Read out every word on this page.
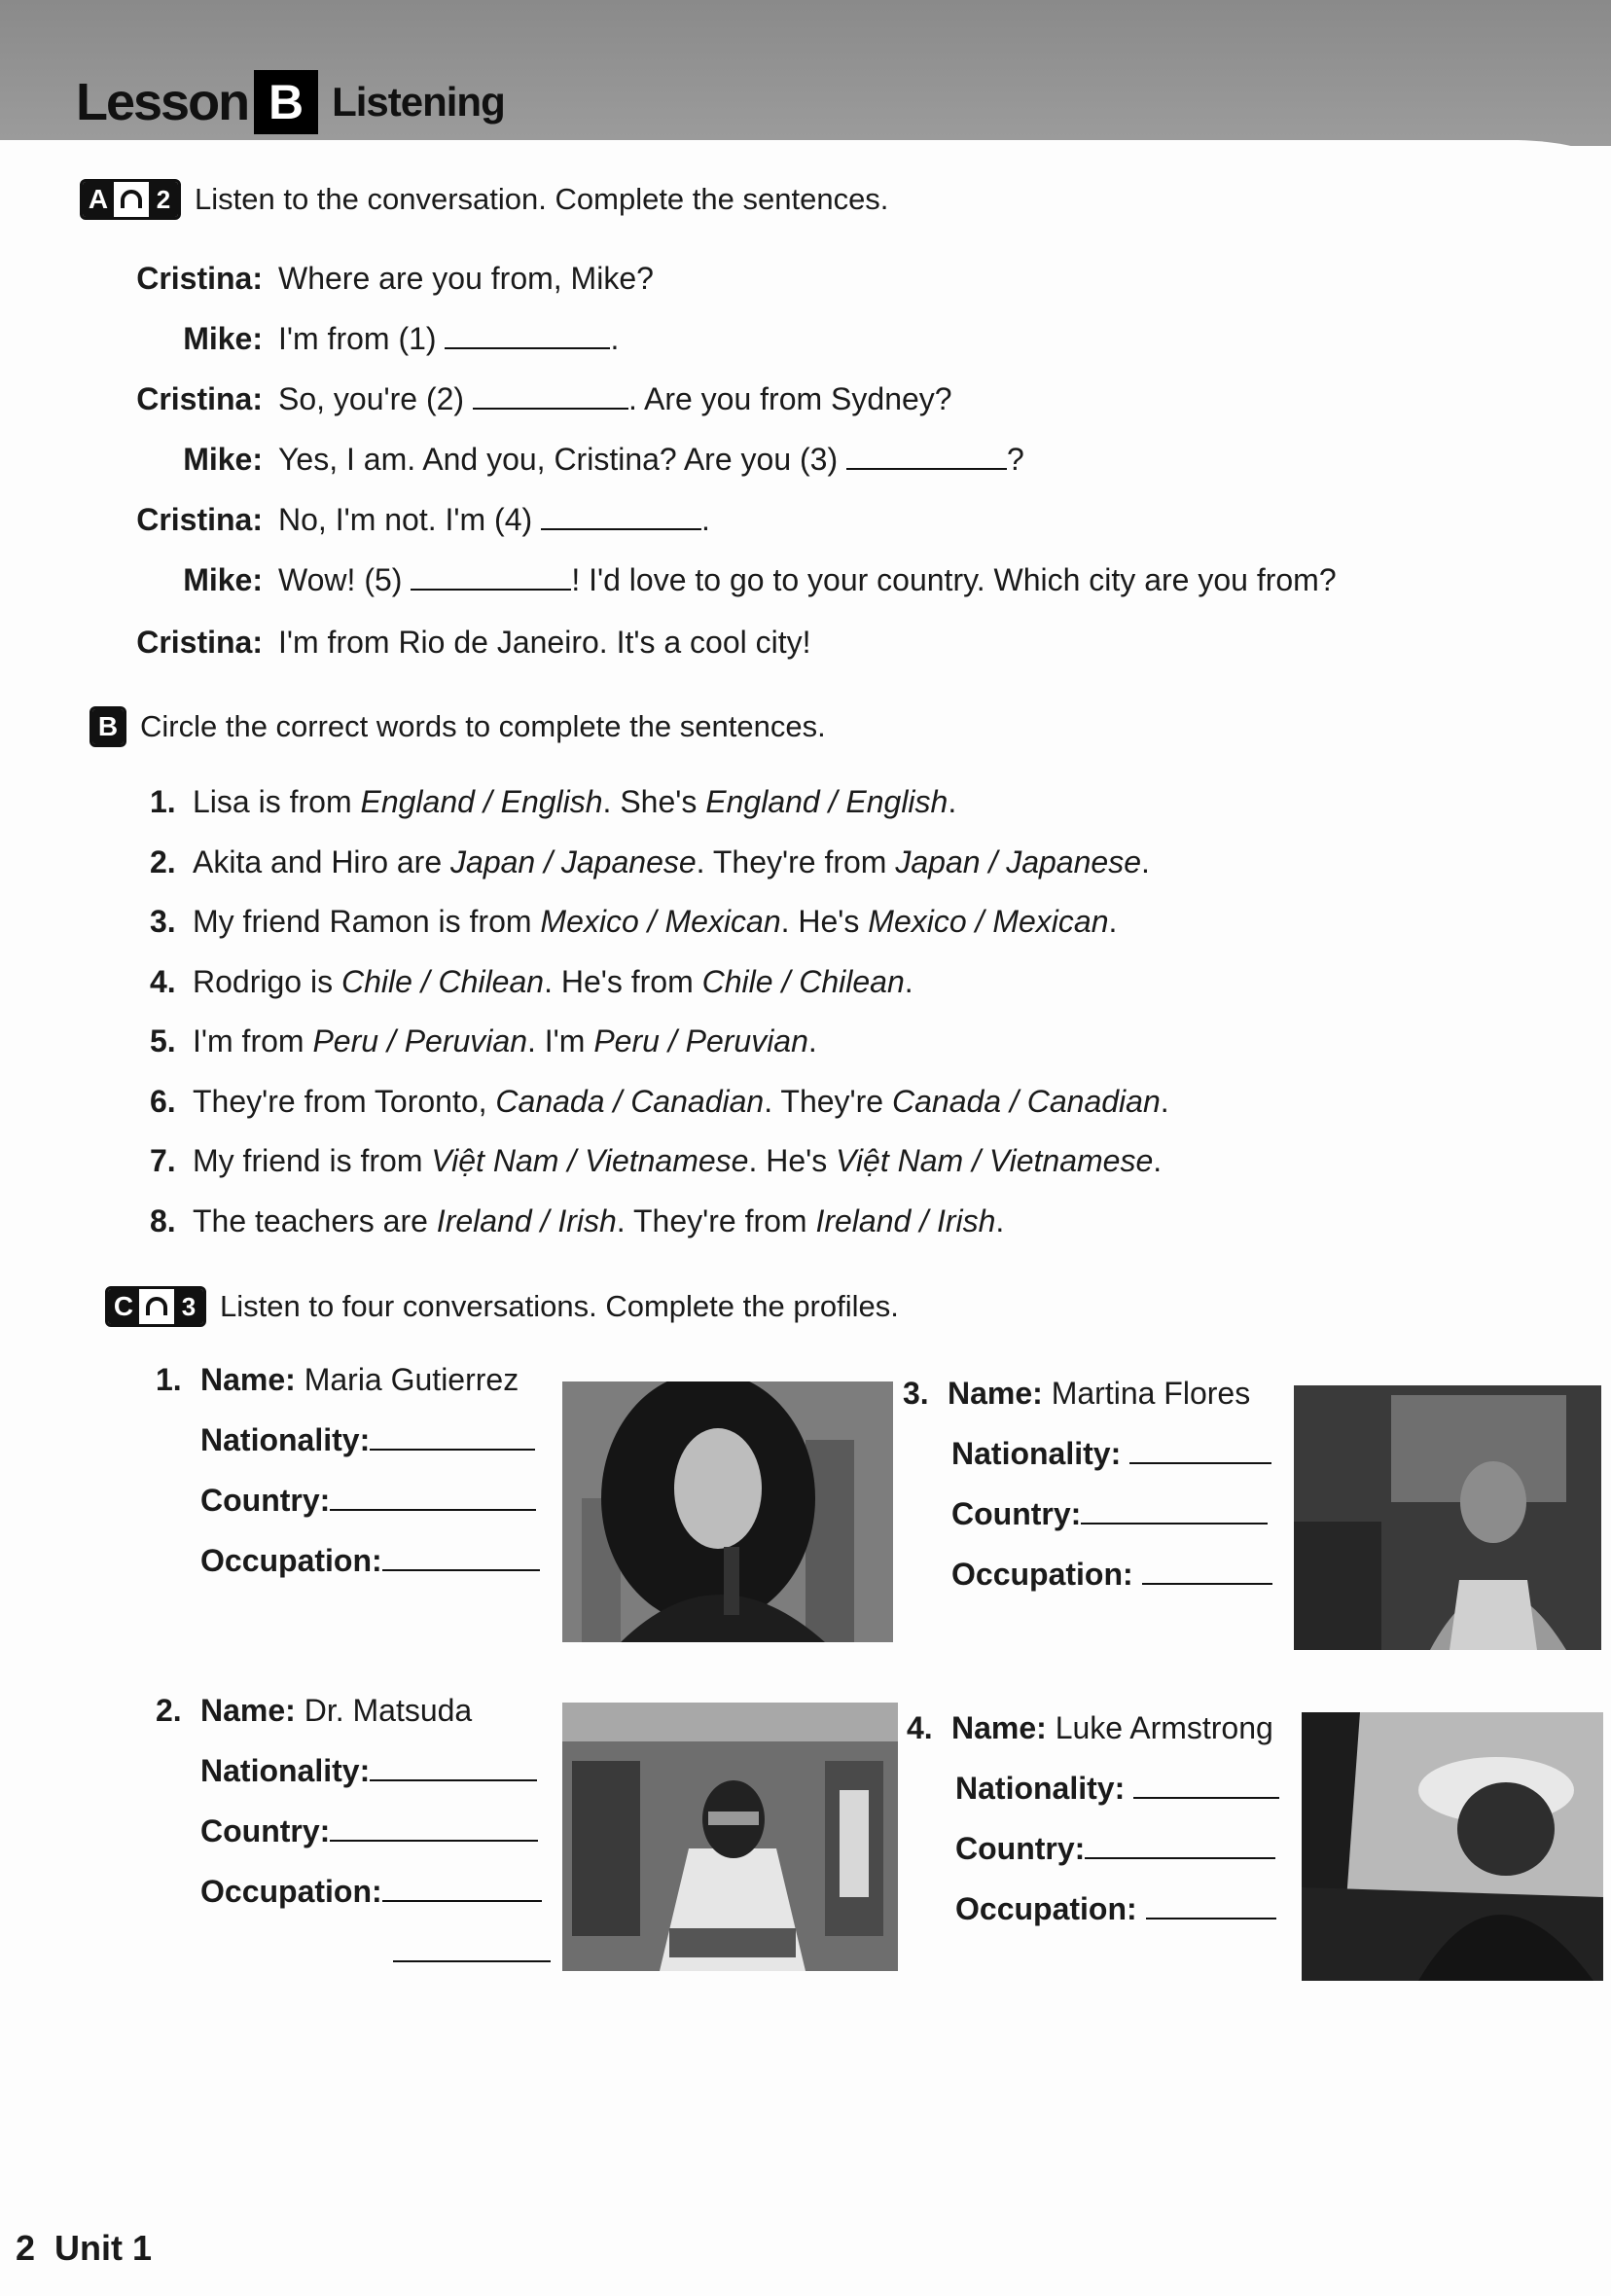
Lesson B Listening
A 2 Listen to the conversation. Complete the sentences.
Cristina: Where are you from, Mike?
Mike: I'm from (1)	.
Cristina: So, you're (2)	. Are you from Sydney?
Mike: Yes, I am. And you, Cristina? Are you (3)	?
Cristina: No, I'm not. I'm (4)	.
Mike: Wow! (5)	! I'd love to go to your country. Which city are you from?
Cristina: I'm from Rio de Janeiro. It's a cool city!
B Circle the correct words to complete the sentences.
1. Lisa is from England / English. She's England / English.
2. Akita and Hiro are Japan / Japanese. They're from Japan / Japanese.
3. My friend Ramon is from Mexico / Mexican. He's Mexico / Mexican.
4. Rodrigo is Chile / Chilean. He's from Chile / Chilean.
5. I'm from Peru / Peruvian. I'm Peru / Peruvian.
6. They're from Toronto, Canada / Canadian. They're Canada / Canadian.
7. My friend is from Việt Nam / Vietnamese. He's Việt Nam / Vietnamese.
8. The teachers are Ireland / Irish. They're from Ireland / Irish.
C 3 Listen to four conversations. Complete the profiles.
1. Name: Maria Gutierrez
Nationality:
Country:
Occupation:
2. Name: Dr. Matsuda
Nationality:
Country:
Occupation:
3. Name: Martina Flores
Nationality:
Country:
Occupation:
4. Name: Luke Armstrong
Nationality:
Country:
Occupation:
2 Unit 1
